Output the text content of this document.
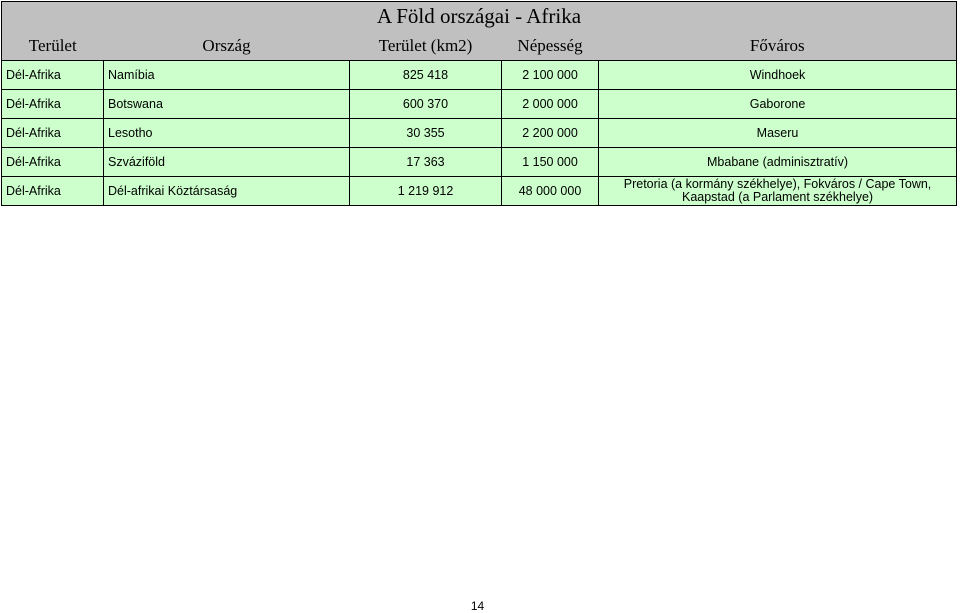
A Föld országai - Afrika				
Terület	Ország	Terület (km2)	Népesség	Főváros
Dél-Afrika	Namíbia	825 418	2 100 000	Windhoek
Dél-Afrika	Botswana	600 370	2 000 000	Gaborone
Dél-Afrika	Lesotho	30 355	2 200 000	Maseru
Dél-Afrika	Szváziföld	17 363	1 150 000	Mbabane (adminisztratív)
Dél-Afrika	Dél-afrikai Köztársaság	1 219 912	48 000 000	Pretoria (a kormány székhelye), Fokváros / Cape Town, Kaapstad (a Parlament székhelye)
14
